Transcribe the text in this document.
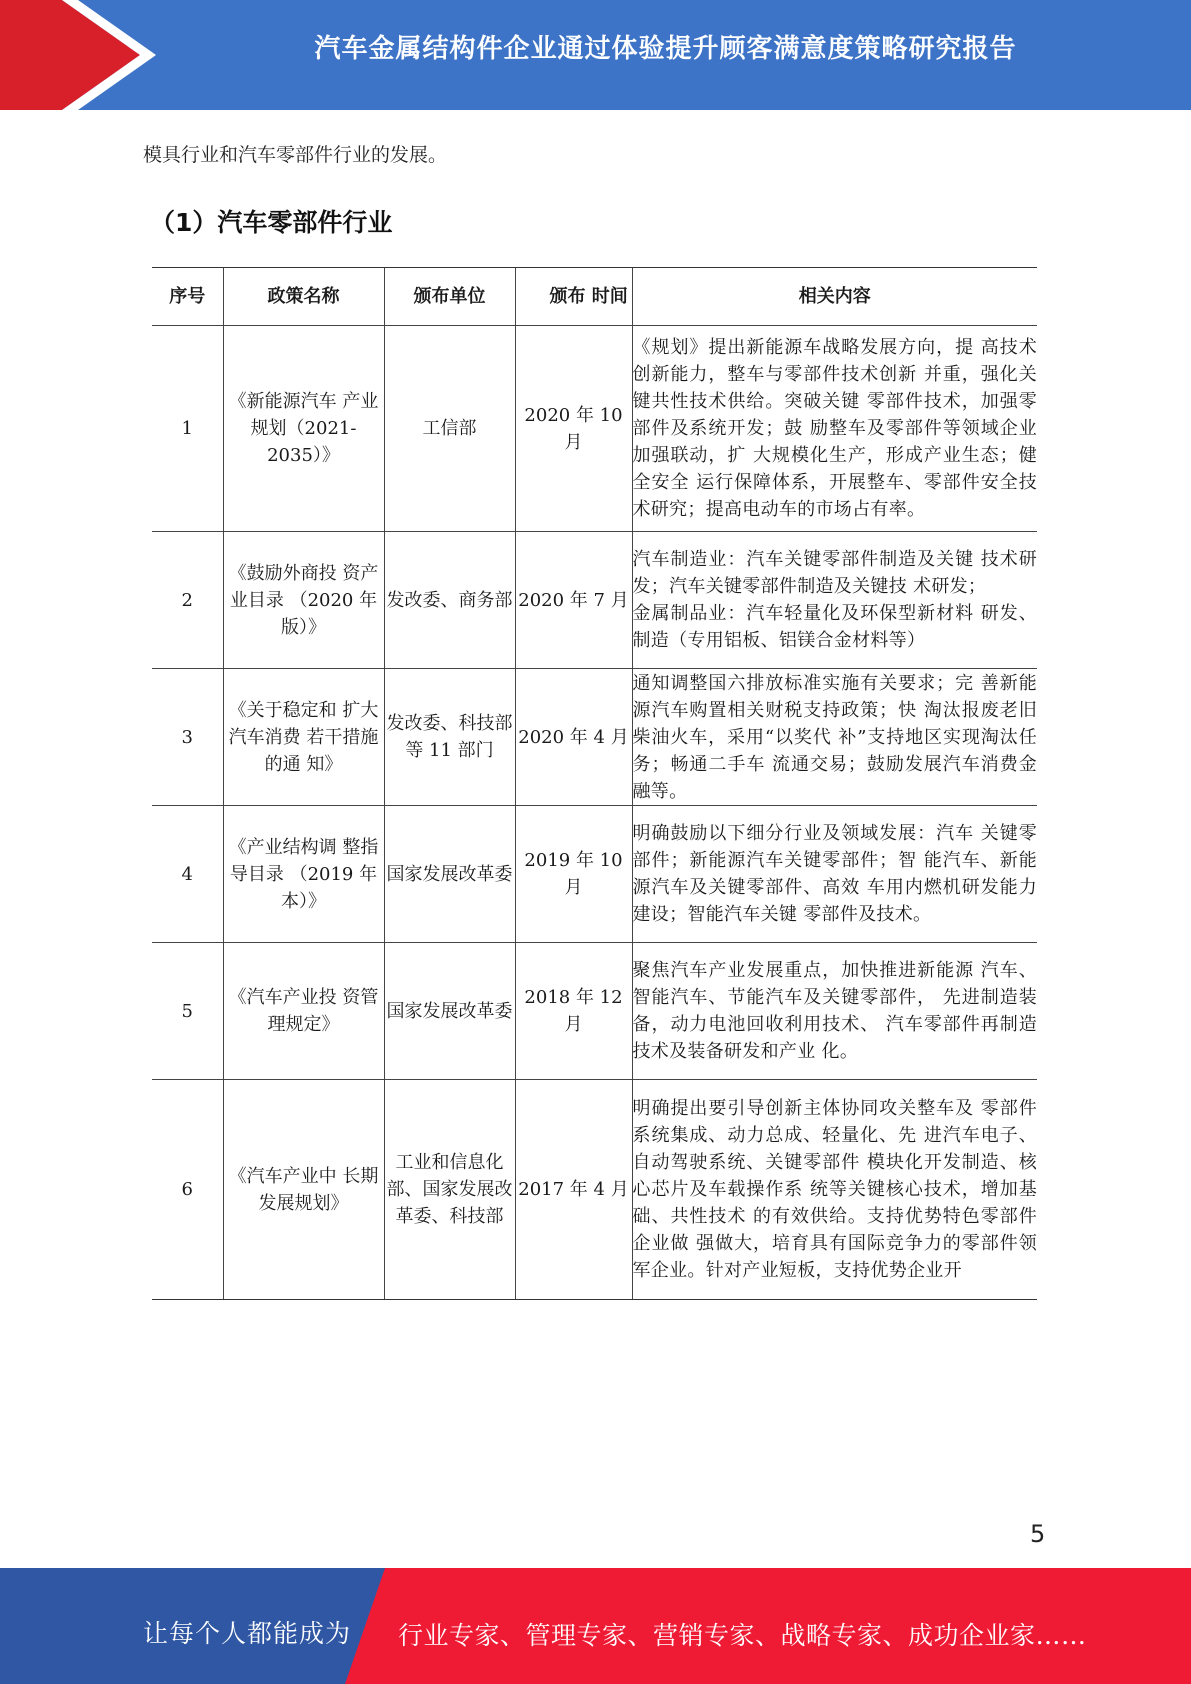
汽车金属结构件企业通过体验提升顾客满意度策略研究报告
模具行业和汽车零部件行业的发展。
（1）汽车零部件行业
序号	政策名称	颁布单位	颁布 时间	相关内容
1	《新能源汽车 产业规划（2021-2035）》	工信部	2020 年 10 月	《规划》提出新能源车战略发展方向，提 高技术创新能力，整车与零部件技术创新 并重，强化关键共性技术供给。突破关键 零部件技术，加强零部件及系统开发；鼓 励整车及零部件等领域企业加强联动，扩 大规模化生产，形成产业生态；健全安全 运行保障体系，开展整车、零部件安全技 术研究；提高电动车的市场占有率。
2	《鼓励外商投 资产业目录 （2020 年版）》	发改委、商务部	2020 年 7 月	汽车制造业：汽车关键零部件制造及关键 技术研发；汽车关键零部件制造及关键技 术研发；
金属制品业：汽车轻量化及环保型新材料 研发、制造（专用铝板、铝镁合金材料等）

3	《关于稳定和 扩大汽车消费 若干措施的通 知》	发改委、科技部等 11 部门	2020 年 4 月	通知调整国六排放标准实施有关要求；完 善新能源汽车购置相关财税支持政策；快 淘汰报废老旧柴油火车，采用“以奖代 补”支持地区实现淘汰任务；畅通二手车 流通交易；鼓励发展汽车消费金融等。
4	《产业结构调 整指导目录 （2019 年本）》	国家发展改革委	2019 年 10 月	明确鼓励以下细分行业及领域发展：汽车 关键零部件；新能源汽车关键零部件；智 能汽车、新能源汽车及关键零部件、高效 车用内燃机研发能力建设；智能汽车关键 零部件及技术。
5	《汽车产业投 资管理规定》	国家发展改革委	2018 年 12 月	聚焦汽车产业发展重点，加快推进新能源 汽车、智能汽车、节能汽车及关键零部件， 先进制造装备，动力电池回收利用技术、 汽车零部件再制造技术及装备研发和产业 化。
6	《汽车产业中 长期发展规划》	工业和信息化部、国家发展改革委、科技部	2017 年 4 月	明确提出要引导创新主体协同攻关整车及 零部件系统集成、动力总成、轻量化、先 进汽车电子、自动驾驶系统、关键零部件 模块化开发制造、核心芯片及车载操作系 统等关键核心技术，增加基础、共性技术 的有效供给。支持优势特色零部件企业做 强做大，培育具有国际竞争力的零部件领 军企业。针对产业短板，支持优势企业开
5
让每个人都能成为 行业专家、管理专家、营销专家、战略专家、成功企业家……
